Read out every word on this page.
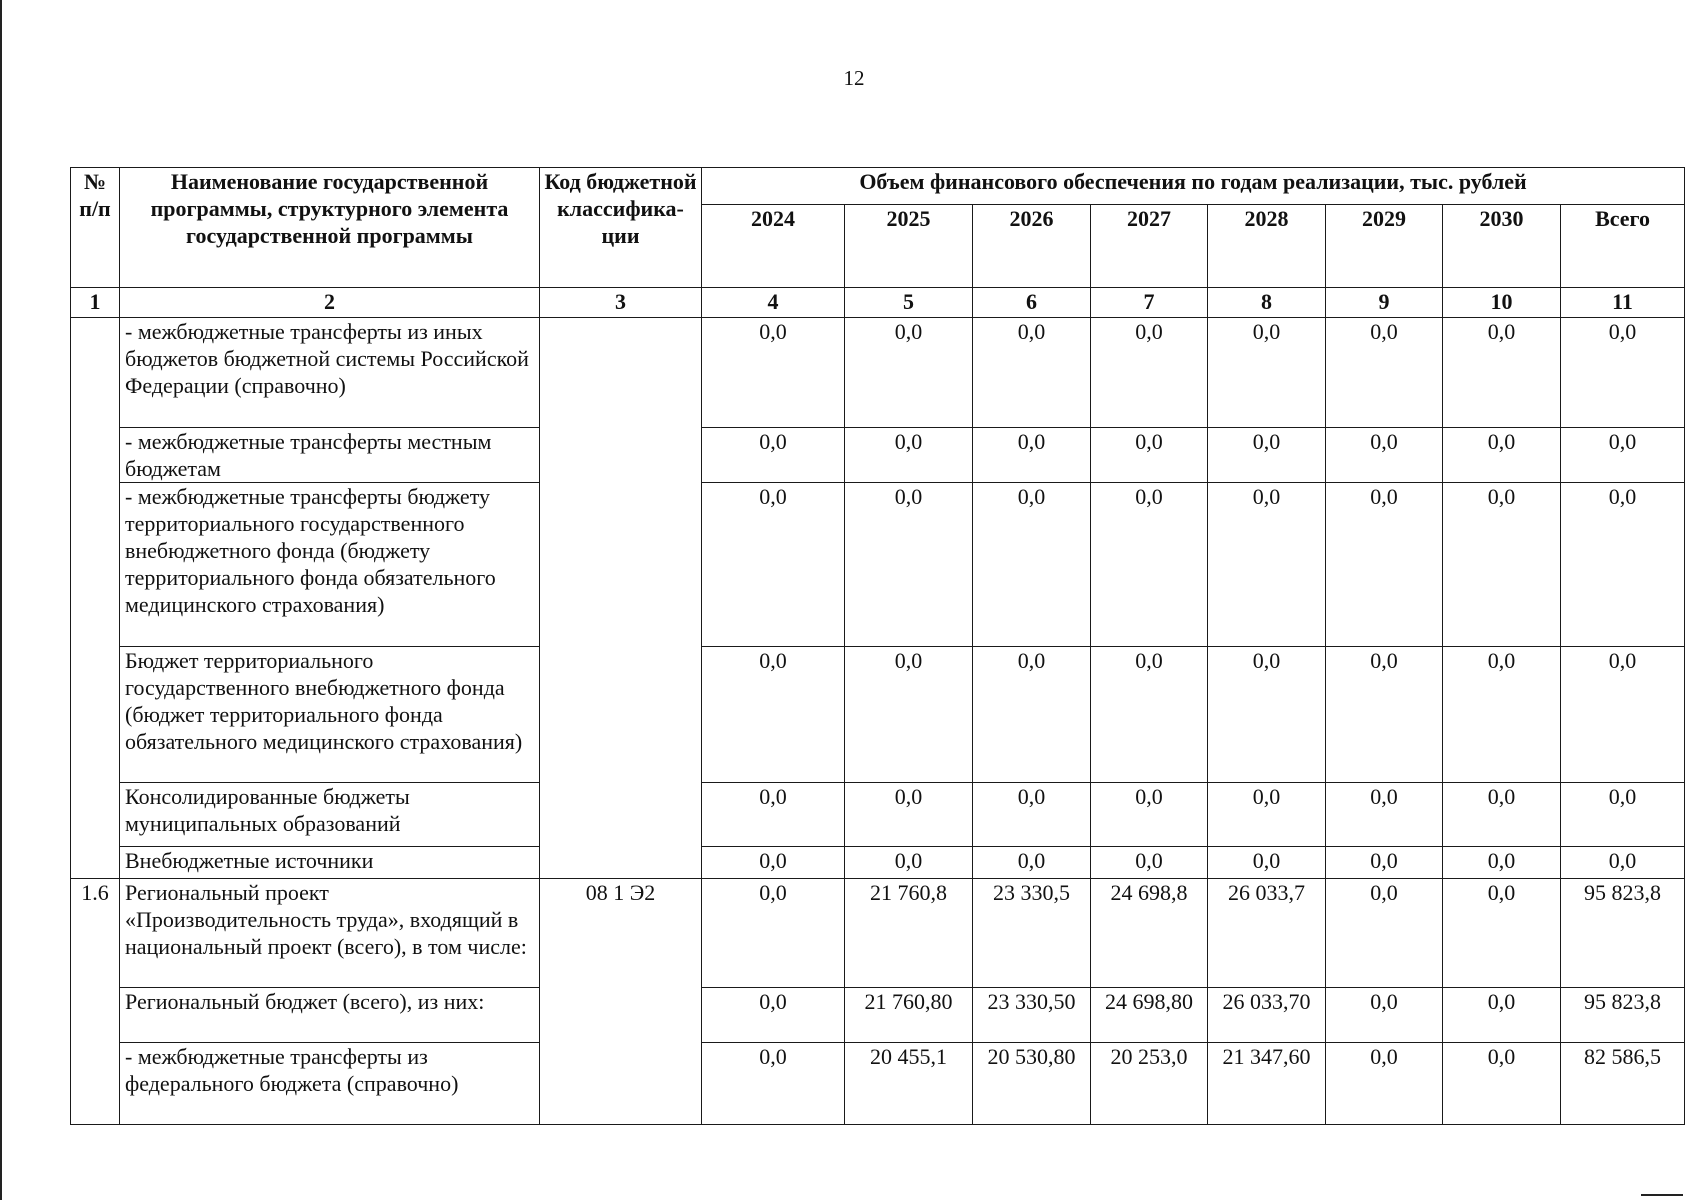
12
№ п/п	Наименование государственной программы, структурного элемента государственной программы	Код бюджетной классифика-ции	Объем финансового обеспечения по годам реализации, тыс. рублей							
			2024	2025	2026	2027	2028	2029	2030	Всего
1	2	3	4	5	6	7	8	9	10	11
	- межбюджетные трансферты из иных бюджетов бюджетной системы Российской Федерации (справочно)		0,0	0,0	0,0	0,0	0,0	0,0	0,0	0,0
	- межбюджетные трансферты местным бюджетам		0,0	0,0	0,0	0,0	0,0	0,0	0,0	0,0
	- межбюджетные трансферты бюджету территориального государственного внебюджетного фонда (бюджету территориального фонда обязательного медицинского страхования)		0,0	0,0	0,0	0,0	0,0	0,0	0,0	0,0
	Бюджет территориального государственного внебюджетного фонда (бюджет территориального фонда обязательного медицинского страхования)		0,0	0,0	0,0	0,0	0,0	0,0	0,0	0,0
	Консолидированные бюджеты муниципальных образований		0,0	0,0	0,0	0,0	0,0	0,0	0,0	0,0
	Внебюджетные источники		0,0	0,0	0,0	0,0	0,0	0,0	0,0	0,0
1.6	Региональный проект «Производительность труда», входящий в национальный проект (всего), в том числе:	08 1 Э2	0,0	21 760,8	23 330,5	24 698,8	26 033,7	0,0	0,0	95 823,8
	Региональный бюджет (всего), из них:		0,0	21 760,80	23 330,50	24 698,80	26 033,70	0,0	0,0	95 823,8
	- межбюджетные трансферты из федерального бюджета (справочно)		0,0	20 455,1	20 530,80	20 253,0	21 347,60	0,0	0,0	82 586,5
